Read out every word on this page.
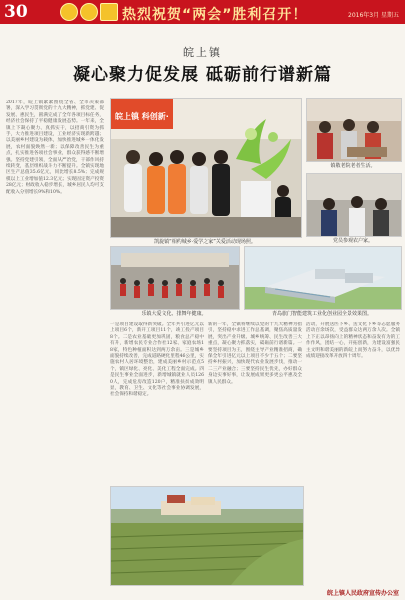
30	热烈祝贺“两会”胜利召开！	2016年3月 星期五
皖上镇
凝心聚力促发展 砥砺前行谱新篇
皖上镇 科创新·
凯旋镇“相约城乡·爱学之家”关爱活动现场照。
镇敬老院老者生活。
党员参观农户家。
乐镇大爱文化、排舞年健康。	青岛旅门智能建筑工业化创业园全景效果图。
2017年，皖上镇紧紧围绕全省、全市决策部署，深入学习贯彻党的十九大精神，抓党建、促发展、惠民生，圆满完成了全年各项目标任务，经济社会保持了平稳健康发展态势。一年来，全镇上下凝心聚力、真抓实干，以招商引资为抓手，大力推进项目建设，工业经济实现新跨越；以美丽乡村建设为载体，加快推进城乡一体化发展，农村面貌焕然一新；以保障改善民生为重点，扎实推进各项社会事业，群众获得感不断增强。坚持党建引领，全面从严治党，干部作风持续转变，基层组织战斗力不断提升。全镇实现地区生产总值35.6亿元，同比增长8.5%；完成规模以上工业增加值12.3亿元；实现固定资产投资28亿元；财政收入稳步增长，城乡居民人均可支配收入分别增长9%和10%。
一是项目建设取得新突破。全年共引进亿元以上项目6个，新开工项目11个，竣工投产项目8个。二是农业基础更加巩固，粮食总产稳中有升，新增农民专业合作社12家、家庭农场18家，特色种植面积达到两万余亩。三是城乡面貌持续改善，完成道路硬化里程46公里，实施农村人居环境整治，建成美丽乡村示范点5个，镇区绿化、亮化、美化工程全面完成。四是民生事业全面进步，新增城镇就业人员1260人，完成危房改造120户，精准扶贫成效明显，教育、卫生、文化等社会事业协调发展，社会保持和谐稳定。
新的一年，全镇将继续以党的十九大精神为指引，坚持稳中求进工作总基调，聚焦高质量发展，突出产业升级、城乡统筹、民生改善三大重点，凝心聚力抓落实，砥砺前行谱新篇。一要坚持项目为王，围绕主导产业精准招商，确保全年引进亿元以上项目不少于五个；二要坚持乡村振兴，加快现代农业发展步伐，推动一二三产业融合；三要坚持民生优先，办好群众身边实事好事，让发展成果更多更公平惠及全镇人民群众。
活动，开展送医下乡、送文化下乡等志愿服务活动百余场次，受益群众达两万余人次。全镇上下正以昂扬向上的精神状态和奋发有为的工作作风，团结一心，开拓创新，为建设富强民主文明和谐美丽的新皖上而努力奋斗，以优异成绩迎接改革开放四十周年。
皖上镇人民政府宣传办公室
